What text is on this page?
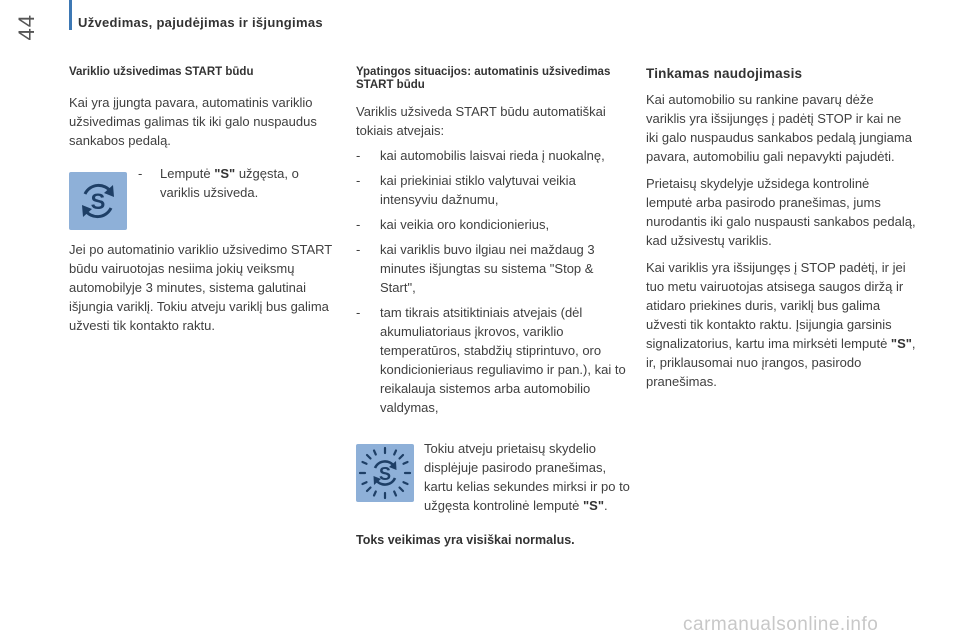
44	Užvedimas, pajudėjimas ir išjungimas
Variklio užsivedimas START būdu

Kai yra įjungta pavara, automatinis variklio užsivedimas galimas tik iki galo nuspaudus sankabos pedalą.

S
- Lemputė "S" užgęsta, o variklis užsiveda.

Jei po automatinio variklio užsivedimo START būdu vairuotojas nesiima jokių veiksmų automobilyje 3 minutes, sistema galutinai išjungia variklį. Tokiu atveju variklį bus galima užvesti tik kontakto raktu.

Ypatingos situacijos: automatinis užsivedimas START būdu

Variklis užsiveda START būdu automatiškai tokiais atvejais:

- kai automobilis laisvai rieda į nuokalnę,
- kai priekiniai stiklo valytuvai veikia intensyviu dažnumu,
- kai veikia oro kondicionierius,
- kai variklis buvo ilgiau nei maždaug 3 minutes išjungtas su sistema "Stop & Start",
- tam tikrais atsitiktiniais atvejais (dėl akumuliatoriaus įkrovos, variklio temperatūros, stabdžių stiprintuvo, oro kondicionieriaus reguliavimo ir pan.), kai to reikalauja sistemos arba automobilio valdymas,
S
Tokiu atveju prietaisų skydelio displėjuje pasirodo pranešimas, kartu kelias sekundes mirksi ir po to užgęsta kontrolinė lemputė "S".
Toks veikimas yra visiškai normalus.
Tinkamas naudojimasis

Kai automobilio su rankine pavarų dėže variklis yra išsijungęs į padėtį STOP ir kai ne iki galo nuspaudus sankabos pedalą jungiama pavara, automobiliu gali nepavykti pajudėti.

Prietaisų skydelyje užsidega kontrolinė lemputė arba pasirodo pranešimas, jums nurodantis iki galo nuspausti sankabos pedalą, kad užsivestų variklis.

Kai variklis yra išsijungęs į STOP padėtį, ir jei tuo metu vairuotojas atsisega saugos diržą ir atidaro priekines duris, variklį bus galima užvesti tik kontakto raktu. Įsijungia garsinis signalizatorius, kartu ima mirksėti lemputė "S", ir, priklausomai nuo įrangos, pasirodo pranešimas.

carmanualsonline.info
